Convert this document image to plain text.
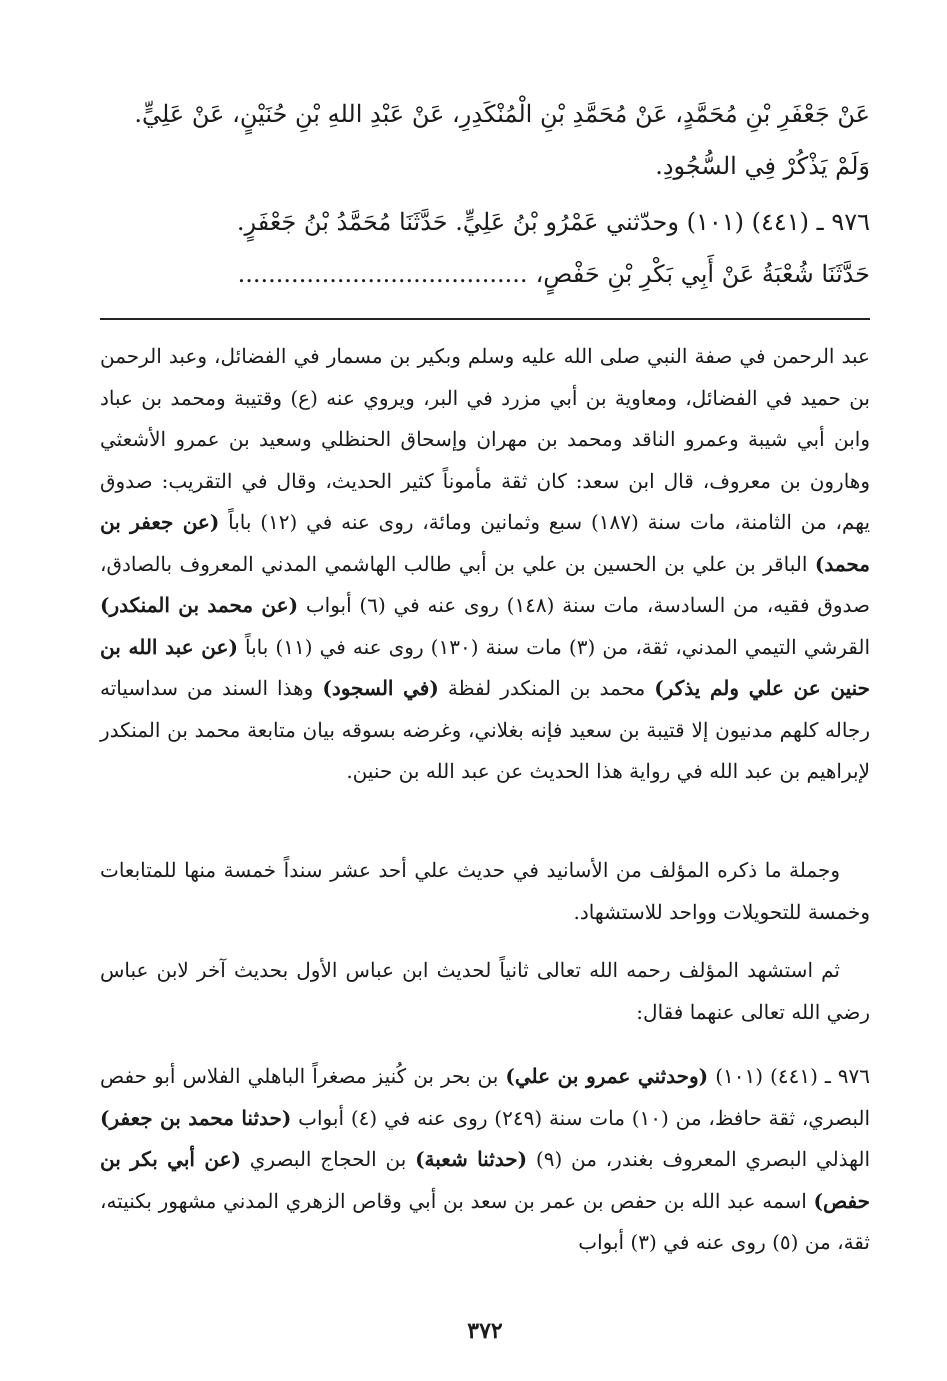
عَنْ جَعْفَرِ بْنِ مُحَمَّدٍ، عَنْ مُحَمَّدِ بْنِ الْمُنْكَدِرِ، عَنْ عَبْدِ اللهِ بْنِ حُنَيْنٍ، عَنْ عَلِيٍّ.
وَلَمْ يَذْكُرْ فِي السُّجُودِ.
٩٧٦ ـ (٤٤١) (١٠١) وحدّثني عَمْرُو بْنُ عَلِيٍّ. حَدَّثَنَا مُحَمَّدُ بْنُ جَعْفَرٍ.
حَدَّثَنَا شُعْبَةُ عَنْ أَبِي بَكْرِ بْنِ حَفْصٍ،......................................

عبد الرحمن في صفة النبي صلى الله عليه وسلم وبكير بن مسمار في الفضائل، وعبد الرحمن بن حميد في الفضائل، ومعاوية بن أبي مزرد في البر، ويروي عنه (ع) وقتيبة ومحمد بن عباد وابن أبي شيبة وعمرو الناقد ومحمد بن مهران وإسحاق الحنظلي وسعيد بن عمرو الأشعثي وهارون بن معروف، قال ابن سعد: كان ثقة مأموناً كثير الحديث، وقال في التقريب: صدوق يهم، من الثامنة، مات سنة (١٨٧) سبع وثمانين ومائة، روى عنه في (١٢) باباً (عن جعفر بن محمد) الباقر بن علي بن الحسين بن علي بن أبي طالب الهاشمي المدني المعروف بالصادق، صدوق فقيه، من السادسة، مات سنة (١٤٨) روى عنه في (٦) أبواب (عن محمد بن المنكدر) القرشي التيمي المدني، ثقة، من (٣) مات سنة (١٣٠) روى عنه في (١١) باباً (عن عبد الله بن حنين عن علي ولم يذكر) محمد بن المنكدر لفظة (في السجود) وهذا السند من سداسياته رجاله كلهم مدنيون إلا قتيبة بن سعيد فإنه بغلاني، وغرضه بسوقه بيان متابعة محمد بن المنكدر لإبراهيم بن عبد الله في رواية هذا الحديث عن عبد الله بن حنين.

وجملة ما ذكره المؤلف من الأسانيد في حديث علي أحد عشر سنداً خمسة منها للمتابعات وخمسة للتحويلات وواحد للاستشهاد.

ثم استشهد المؤلف رحمه الله تعالى ثانياً لحديث ابن عباس الأول بحديث آخر لابن عباس رضي الله تعالى عنهما فقال:

٩٧٦ ـ (٤٤١) (١٠١) (وحدثني عمرو بن علي) بن بحر بن كُنيز مصغراً الباهلي الفلاس أبو حفص البصري، ثقة حافظ، من (١٠) مات سنة (٢٤٩) روى عنه في (٤) أبواب (حدثنا محمد بن جعفر) الهذلي البصري المعروف بغندر، من (٩) (حدثنا شعبة) بن الحجاج البصري (عن أبي بكر بن حفص) اسمه عبد الله بن حفص بن عمر بن سعد بن أبي وقاص الزهري المدني مشهور بكنيته، ثقة، من (٥) روى عنه في (٣) أبواب

٣٧٢
